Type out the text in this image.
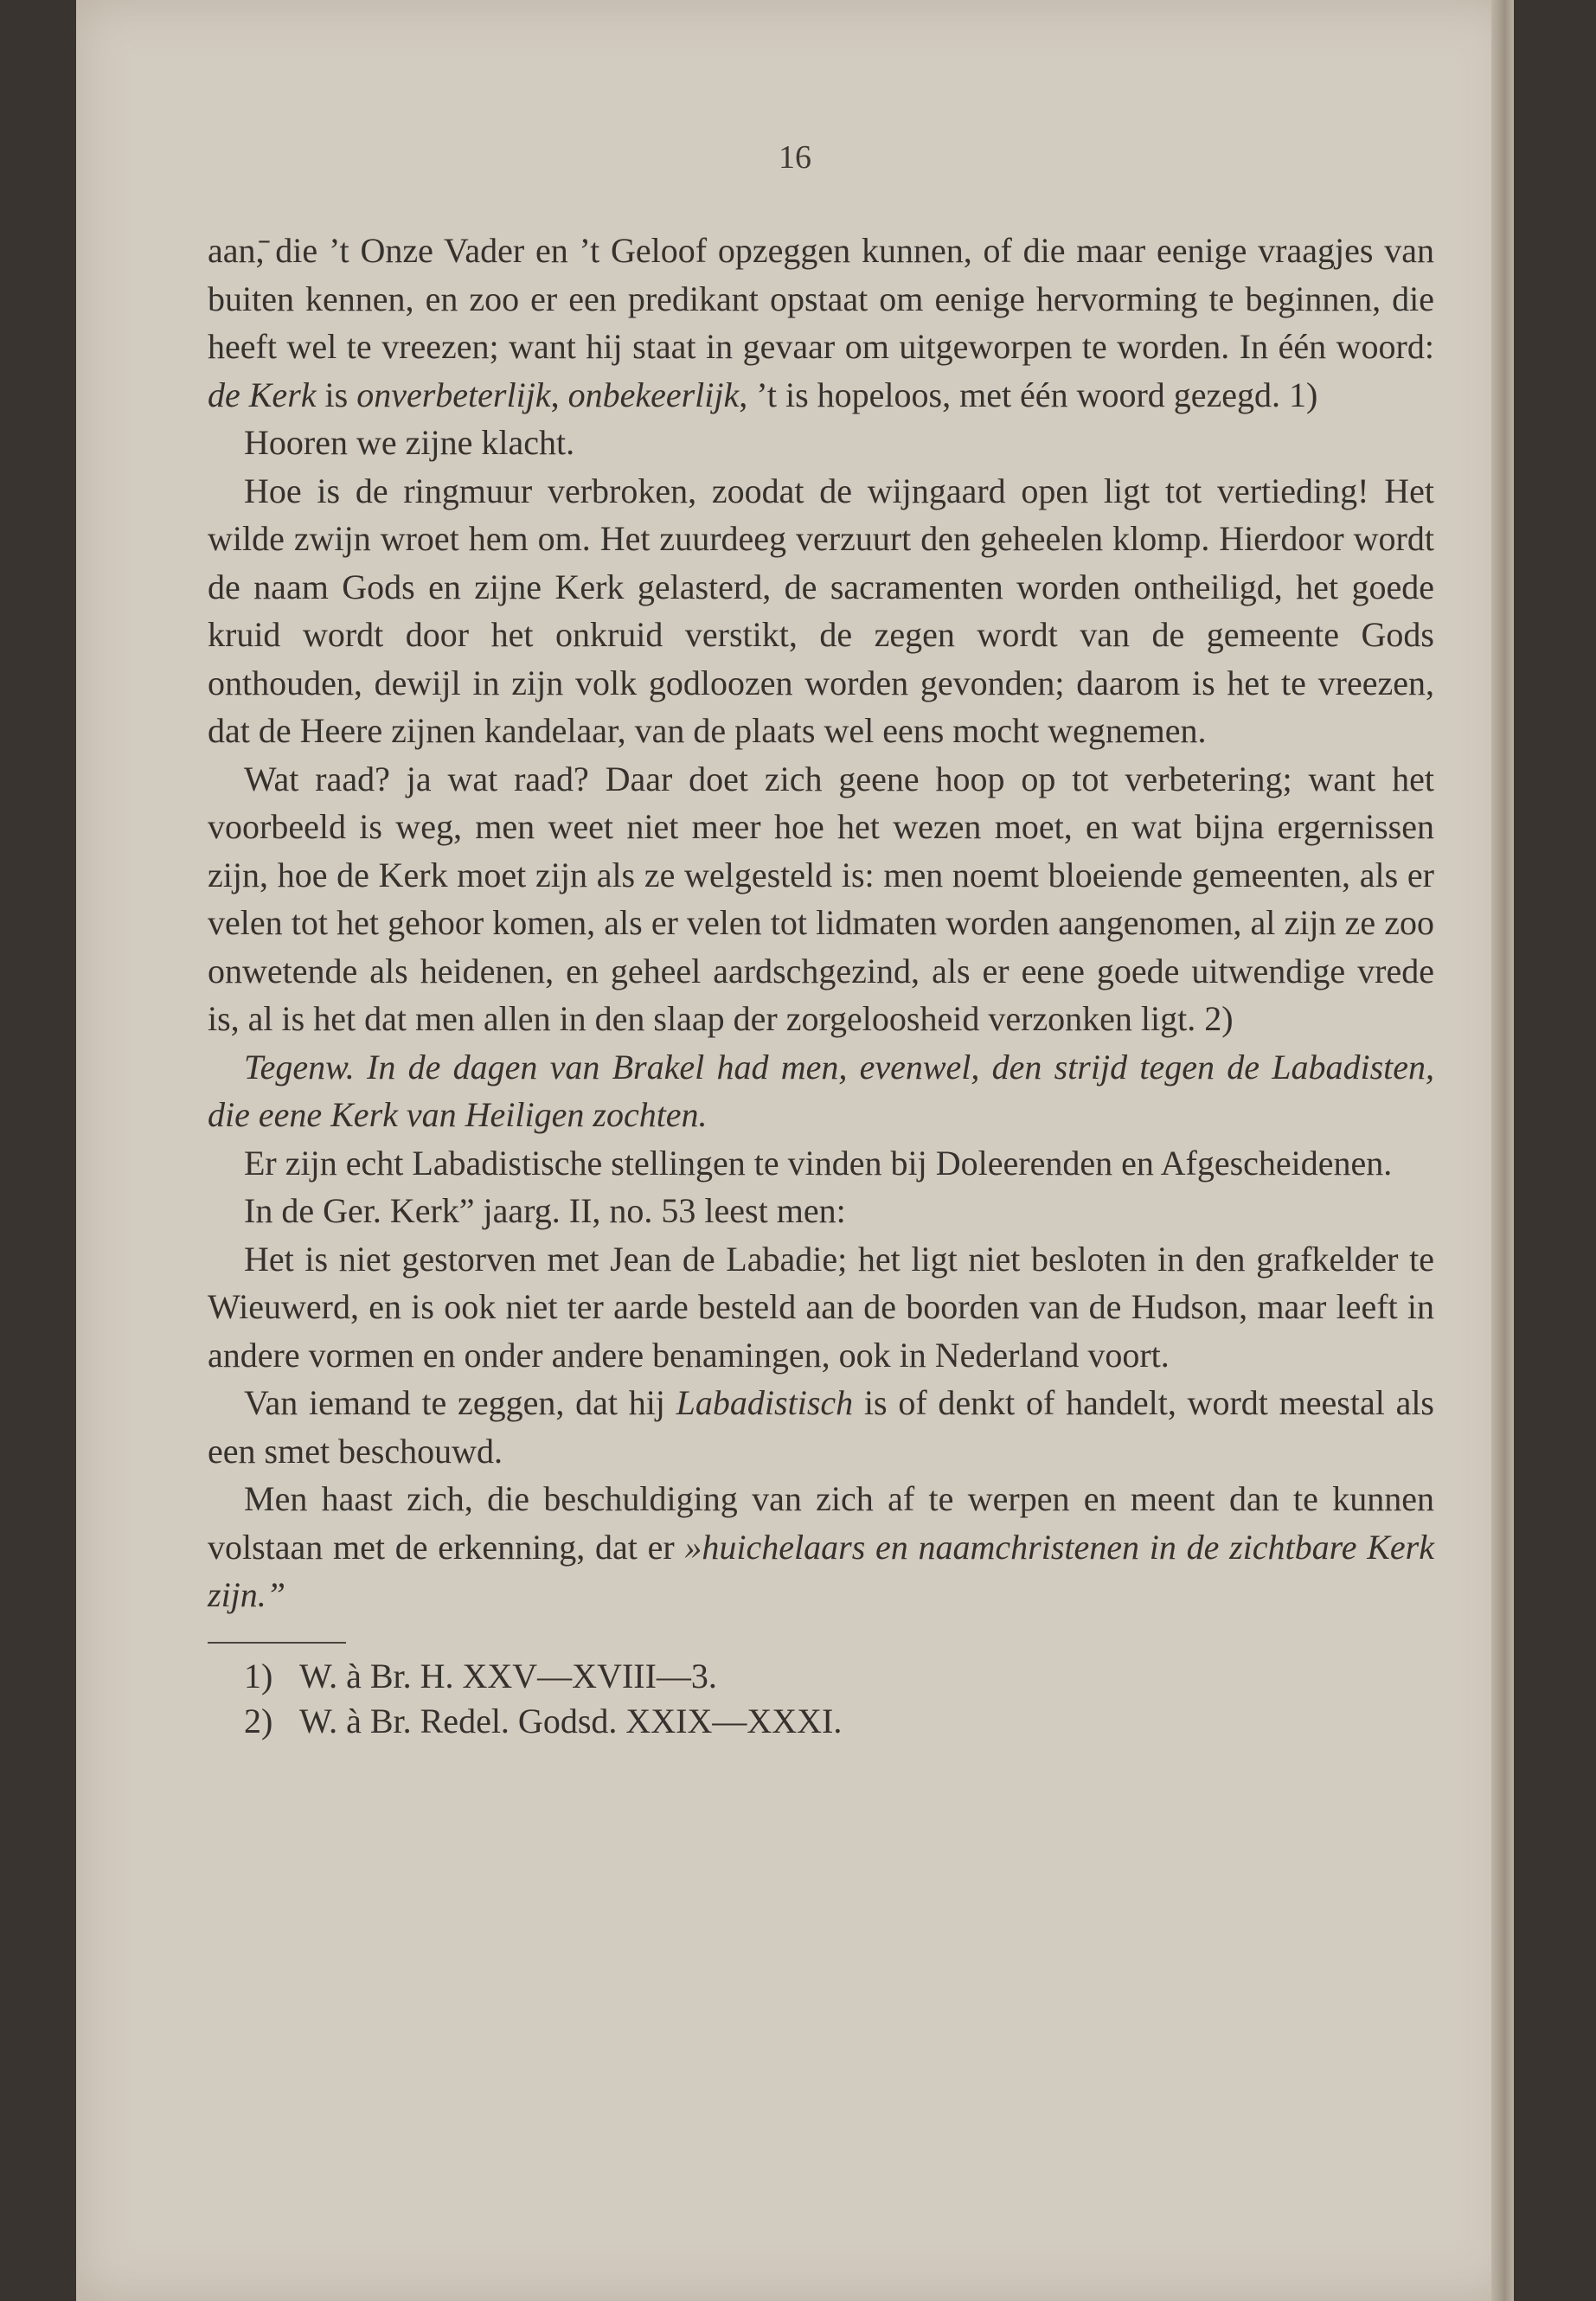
16

aan,̄ die ’t Onze Vader en ’t Geloof opzeggen kunnen, of die maar eenige vraagjes van buiten kennen, en zoo er een predikant opstaat om eenige hervorming te beginnen, die heeft wel te vreezen; want hij staat in gevaar om uitgeworpen te worden. In één woord: de Kerk is onverbeterlijk, onbekeerlijk, ’t is hopeloos, met één woord gezegd. 1)

Hooren we zijne klacht.

Hoe is de ringmuur verbroken, zoodat de wijngaard open ligt tot vertieding! Het wilde zwijn wroet hem om. Het zuurdeeg verzuurt den geheelen klomp. Hierdoor wordt de naam Gods en zijne Kerk gelasterd, de sacramenten worden ontheiligd, het goede kruid wordt door het onkruid verstikt, de zegen wordt van de gemeente Gods onthouden, dewijl in zijn volk godloozen worden gevonden; daarom is het te vreezen, dat de Heere zijnen kandelaar, van de plaats wel eens mocht wegnemen.

Wat raad? ja wat raad? Daar doet zich geene hoop op tot verbetering; want het voorbeeld is weg, men weet niet meer hoe het wezen moet, en wat bijna ergernissen zijn, hoe de Kerk moet zijn als ze welgesteld is: men noemt bloeiende gemeenten, als er velen tot het gehoor komen, als er velen tot lidmaten worden aangenomen, al zijn ze zoo onwetende als heidenen, en geheel aardschgezind, als er eene goede uitwendige vrede is, al is het dat men allen in den slaap der zorgeloosheid verzonken ligt. 2)

Tegenw. In de dagen van Brakel had men, evenwel, den strijd tegen de Labadisten, die eene Kerk van Heiligen zochten.

Er zijn echt Labadistische stellingen te vinden bij Doleerenden en Afgescheidenen.

In de Ger. Kerk” jaarg. II, no. 53 leest men:

Het is niet gestorven met Jean de Labadie; het ligt niet besloten in den grafkelder te Wieuwerd, en is ook niet ter aarde besteld aan de boorden van de Hudson, maar leeft in andere vormen en onder andere benamingen, ook in Nederland voort.

Van iemand te zeggen, dat hij Labadistisch is of denkt of handelt, wordt meestal als een smet beschouwd.

Men haast zich, die beschuldiging van zich af te werpen en meent dan te kunnen volstaan met de erkenning, dat er »huichelaars en naamchristenen in de zichtbare Kerk zijn.”

1) W. à Br. H. XXV—XVIII—3.
2) W. à Br. Redel. Godsd. XXIX—XXXI.
